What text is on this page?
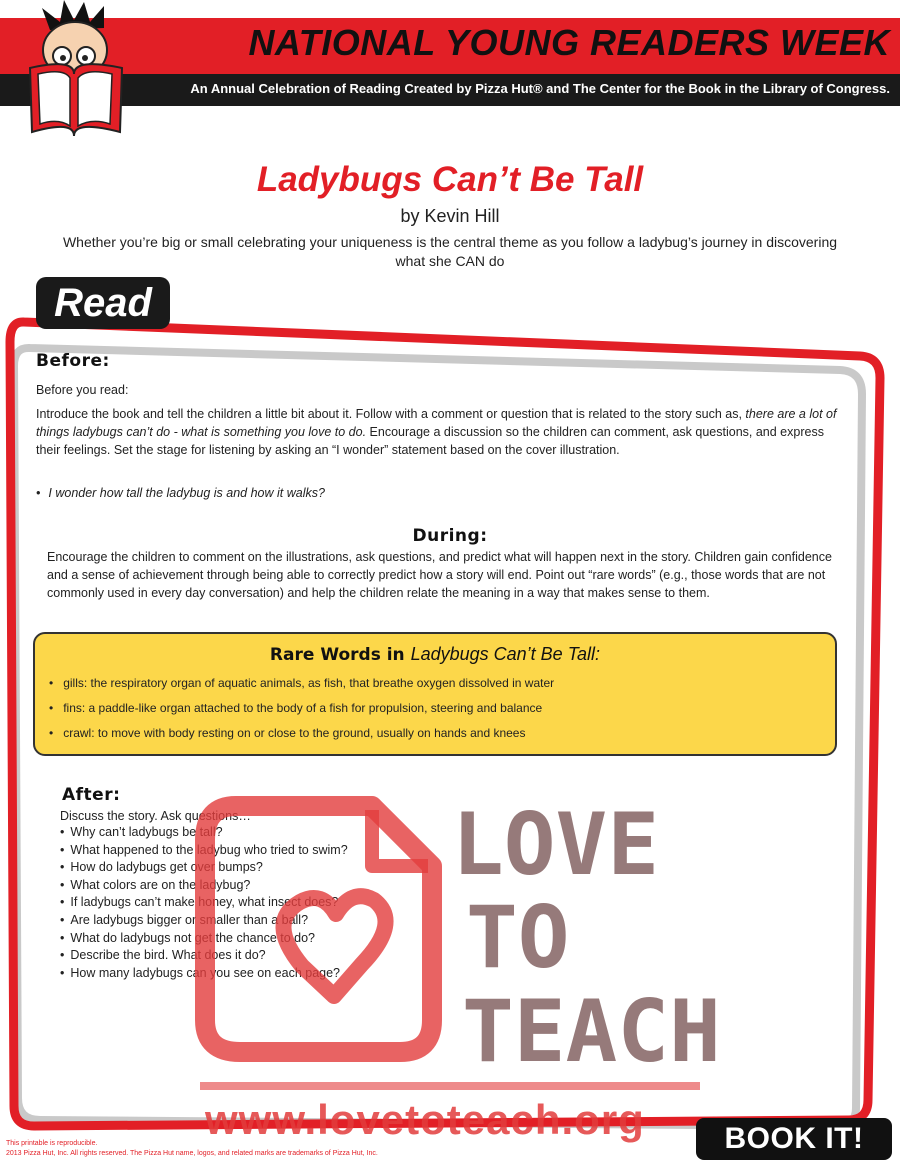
NATIONAL YOUNG READERS WEEK
An Annual Celebration of Reading Created by Pizza Hut® and The Center for the Book in the Library of Congress.
Ladybugs Can’t Be Tall
by Kevin Hill
Whether you’re big or small celebrating your uniqueness is the central theme as you follow a ladybug’s journey in discovering what she CAN do
Read
Before:
Before you read:
Introduce the book and tell the children a little bit about it. Follow with a comment or question that is related to the story such as, there are a lot of things ladybugs can’t do - what is something you love to do. Encourage a discussion so the children can comment, ask questions, and express their feelings. Set the stage for listening by asking an “I wonder” statement based on the cover illustration.
• I wonder how tall the ladybug is and how it walks?
During:
Encourage the children to comment on the illustrations, ask questions, and predict what will happen next in the story. Children gain confidence and a sense of achievement through being able to correctly predict how a story will end. Point out “rare words” (e.g., those words that are not commonly used in every day conversation) and help the children relate the meaning in a way that makes sense to them.
Rare Words in Ladybugs Can’t Be Tall:
• gills: the respiratory organ of aquatic animals, as fish, that breathe oxygen dissolved in water
• fins: a paddle-like organ attached to the body of a fish for propulsion, steering and balance
• crawl: to move with body resting on or close to the ground, usually on hands and knees
After:
Discuss the story. Ask questions…
• Why can’t ladybugs be tall?
• What happened to the ladybug who tried to swim?
• How do ladybugs get over bumps?
• What colors are on the ladybug?
• If ladybugs can’t make honey, what insect does?
• Are ladybugs bigger or smaller than a ball?
• What do ladybugs not get the chance to do?
• Describe the bird. What does it do?
• How many ladybugs can you see on each page?
LOVE
TO
TEACH
www.lovetoteach.org
This printable is reproducible.
2013 Pizza Hut, Inc. All rights reserved. The Pizza Hut name, logos, and related marks are trademarks of Pizza Hut, Inc.	BOOK IT!
